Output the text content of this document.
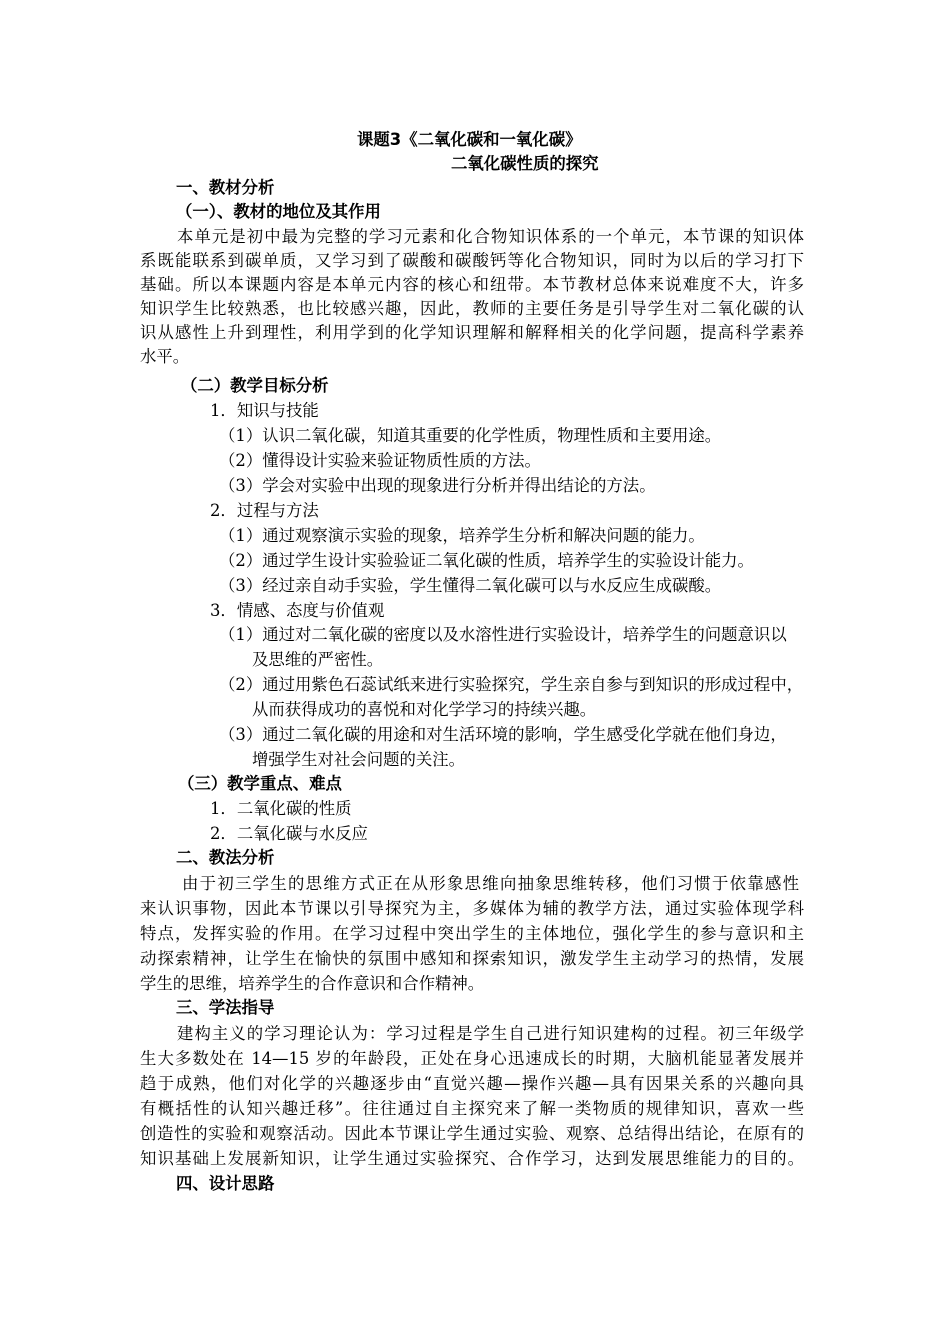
课题3《二氧化碳和一氧化碳》
二氧化碳性质的探究
一、教材分析
（一）、教材的地位及其作用
本单元是初中最为完整的学习元素和化合物知识体系的一个单元，本节课的知识体
系既能联系到碳单质，又学习到了碳酸和碳酸钙等化合物知识，同时为以后的学习打下
基础。所以本课题内容是本单元内容的核心和纽带。本节教材总体来说难度不大，许多
知识学生比较熟悉，也比较感兴趣，因此，教师的主要任务是引导学生对二氧化碳的认
识从感性上升到理性，利用学到的化学知识理解和解释相关的化学问题，提高科学素养
水平。
（二）教学目标分析
1．知识与技能
（1）认识二氧化碳，知道其重要的化学性质，物理性质和主要用途。
（2）懂得设计实验来验证物质性质的方法。
（3）学会对实验中出现的现象进行分析并得出结论的方法。
2．过程与方法
（1）通过观察演示实验的现象，培养学生分析和解决问题的能力。
（2）通过学生设计实验验证二氧化碳的性质，培养学生的实验设计能力。
（3）经过亲自动手实验，学生懂得二氧化碳可以与水反应生成碳酸。
3．情感、态度与价值观
（1）通过对二氧化碳的密度以及水溶性进行实验设计，培养学生的问题意识以
及思维的严密性。
（2）通过用紫色石蕊试纸来进行实验探究，学生亲自参与到知识的形成过程中，
从而获得成功的喜悦和对化学学习的持续兴趣。
（3）通过二氧化碳的用途和对生活环境的影响，学生感受化学就在他们身边，
增强学生对社会问题的关注。
（三）教学重点、难点
1．二氧化碳的性质
2．二氧化碳与水反应
二、教法分析
由于初三学生的思维方式正在从形象思维向抽象思维转移，他们习惯于依靠感性
来认识事物，因此本节课以引导探究为主，多媒体为辅的教学方法，通过实验体现学科
特点，发挥实验的作用。在学习过程中突出学生的主体地位，强化学生的参与意识和主
动探索精神，让学生在愉快的氛围中感知和探索知识，激发学生主动学习的热情，发展
学生的思维，培养学生的合作意识和合作精神。
三、学法指导
建构主义的学习理论认为：学习过程是学生自己进行知识建构的过程。初三年级学
生大多数处在 14—15 岁的年龄段，正处在身心迅速成长的时期，大脑机能显著发展并
趋于成熟，他们对化学的兴趣逐步由“直觉兴趣—操作兴趣—具有因果关系的兴趣向具
有概括性的认知兴趣迁移”。往往通过自主探究来了解一类物质的规律知识，喜欢一些
创造性的实验和观察活动。因此本节课让学生通过实验、观察、总结得出结论，在原有的
知识基础上发展新知识，让学生通过实验探究、合作学习，达到发展思维能力的目的。
四、设计思路
